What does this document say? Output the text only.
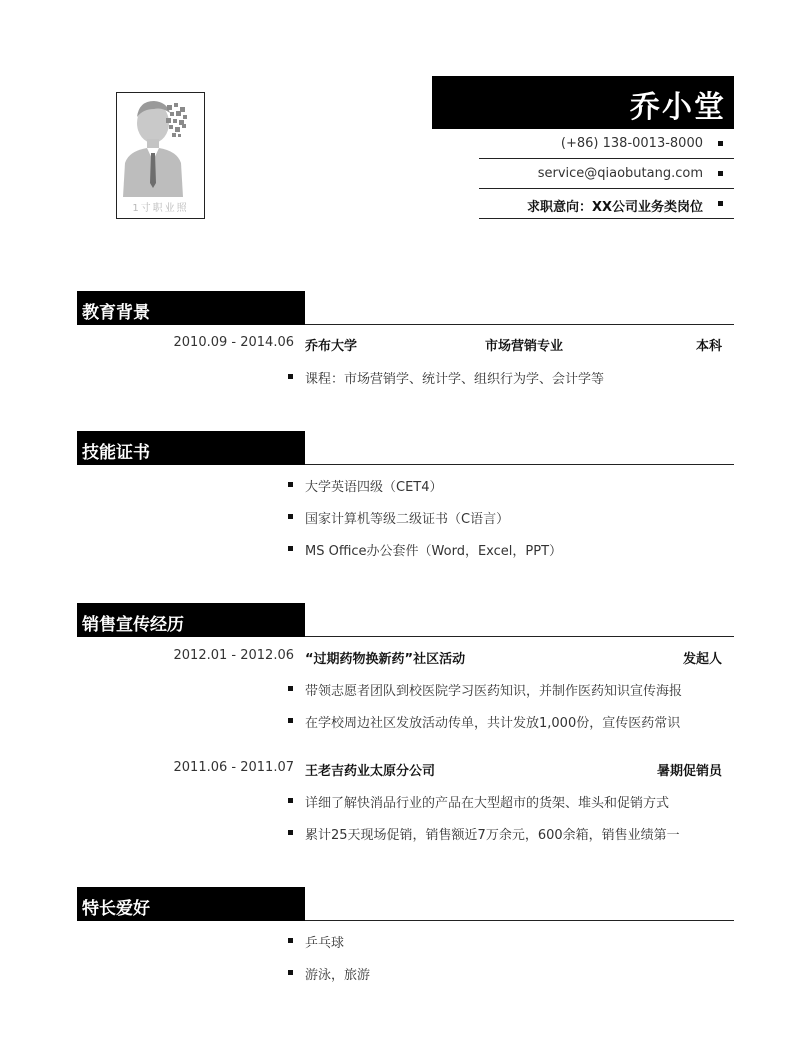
1寸职业照
乔小堂
(+86) 138-0013-8000
service@qiaobutang.com
求职意向：XX公司业务类岗位
教育背景
2010.09 - 2014.06 乔布大学	市场营销专业	本科
课程：市场营销学、统计学、组织行为学、会计学等
技能证书
大学英语四级（CET4）
国家计算机等级二级证书（C语言）
MS Office办公套件（Word，Excel，PPT）
销售宣传经历
2012.01 - 2012.06 “过期药物换新药”社区活动	发起人
带领志愿者团队到校医院学习医药知识，并制作医药知识宣传海报
在学校周边社区发放活动传单，共计发放1,000份，宣传医药常识
2011.06 - 2011.07 王老吉药业太原分公司	暑期促销员
详细了解快消品行业的产品在大型超市的货架、堆头和促销方式
累计25天现场促销，销售额近7万余元，600余箱，销售业绩第一
特长爱好
乒乓球
游泳，旅游
